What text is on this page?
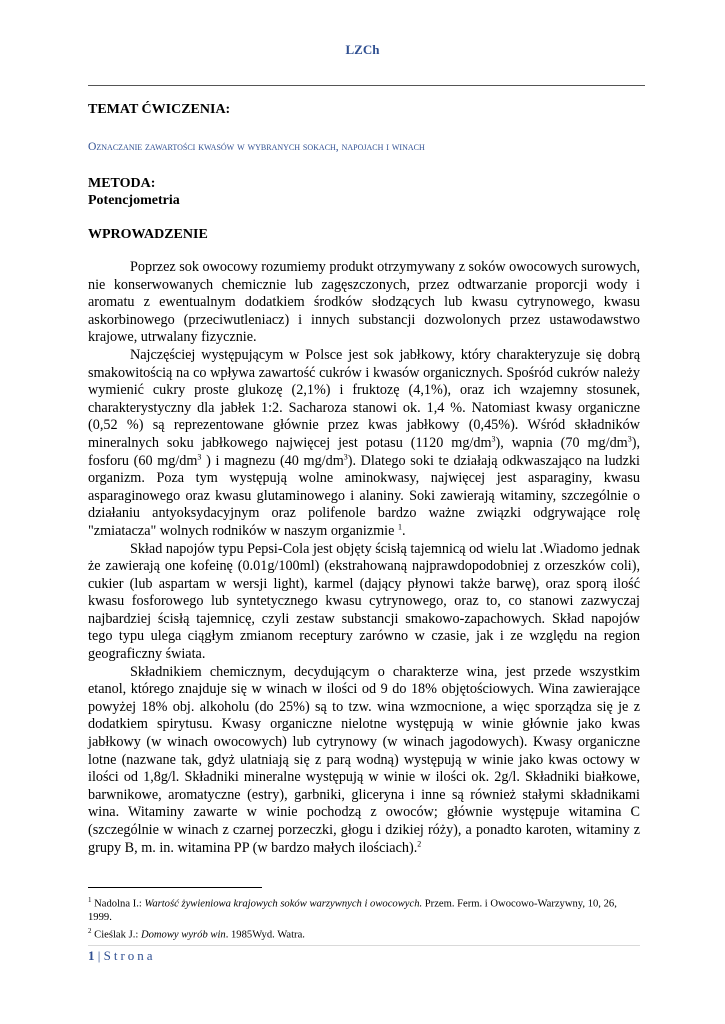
LZCh
TEMAT ĆWICZENIA:
Oznaczanie zawartości kwasów w wybranych sokach, napojach i winach
METODA:
Potencjometria
WPROWADZENIE

Poprzez sok owocowy rozumiemy produkt otrzymywany z soków owocowych surowych, nie konserwowanych chemicznie lub zagęszczonych, przez odtwarzanie proporcji wody i aromatu z ewentualnym dodatkiem środków słodzących lub kwasu cytrynowego, kwasu askorbinowego (przeciwutleniacz) i innych substancji dozwolonych przez ustawodawstwo krajowe, utrwalany fizycznie.

Najczęściej występującym w Polsce jest sok jabłkowy, który charakteryzuje się dobrą smakowitością na co wpływa zawartość cukrów i kwasów organicznych. Spośród cukrów należy wymienić cukry proste glukozę (2,1%) i fruktozę (4,1%), oraz ich wzajemny stosunek, charakterystyczny dla jabłek 1:2. Sacharoza stanowi ok. 1,4 %. Natomiast kwasy organiczne (0,52 %) są reprezentowane głównie przez kwas jabłkowy (0,45%). Wśród składników mineralnych soku jabłkowego najwięcej jest potasu (1120 $mg/dm^3$), wapnia (70 $mg/dm^3$), fosforu (60 $mg/dm^3$ ) i magnezu (40 $mg/dm^3$). Dlatego soki te działają odkwaszająco na ludzki organizm. Poza tym występują wolne aminokwasy, najwięcej jest asparaginy, kwasu asparaginowego oraz kwasu glutaminowego i alaniny. Soki zawierają witaminy, szczególnie o działaniu antyoksydacyjnym oraz polifenole bardzo ważne związki odgrywające rolę "zmiatacza" wolnych rodników w naszym organizmie $^1$.

Skład napojów typu Pepsi-Cola jest objęty ścisłą tajemnicą od wielu lat .Wiadomo jednak że zawierają one kofeinę (0.01g/100ml) (ekstrahowaną najprawdopodobniej z orzeszków coli), cukier (lub aspartam w wersji light), karmel (dający płynowi także barwę), oraz sporą ilość kwasu fosforowego lub syntetycznego kwasu cytrynowego, oraz to, co stanowi zazwyczaj najbardziej ścisłą tajemnicę, czyli zestaw substancji smakowo-zapachowych. Skład napojów tego typu ulega ciągłym zmianom receptury zarówno w czasie, jak i ze względu na region geograficzny świata.

Składnikiem chemicznym, decydującym o charakterze wina, jest przede wszystkim etanol, którego znajduje się w winach w ilości od 9 do 18% objętościowych. Wina zawierające powyżej 18% obj. alkoholu (do 25%) są to tzw. wina wzmocnione, a więc sporządza się je z dodatkiem spirytusu. Kwasy organiczne nielotne występują w winie głównie jako kwas jabłkowy (w winach owocowych) lub cytrynowy (w winach jagodowych). Kwasy organiczne lotne (nazwane tak, gdyż ulatniają się z parą wodną) występują w winie jako kwas octowy w ilości od 1,8g/l. Składniki mineralne występują w winie w ilości ok. 2g/l. Składniki białkowe, barwnikowe, aromatyczne (estry), garbniki, gliceryna i inne są również stałymi składnikami wina. Witaminy zawarte w winie pochodzą z owoców; głównie występuje witamina C (szczególnie w winach z czarnej porzeczki, głogu i dzikiej róży), a ponadto karoten, witaminy z grupy B, m. in. witamina PP (w bardzo małych ilościach).$^2$

$^1$ Nadolna I.: Wartość żywieniowa krajowych soków warzywnych i owocowych. Przem. Ferm. i Owocowo-Warzywny, 10, 26, 1999.
$^2$ Cieślak J.: Domowy wyrób win. 1985Wyd. Watra.
1 | Strona
